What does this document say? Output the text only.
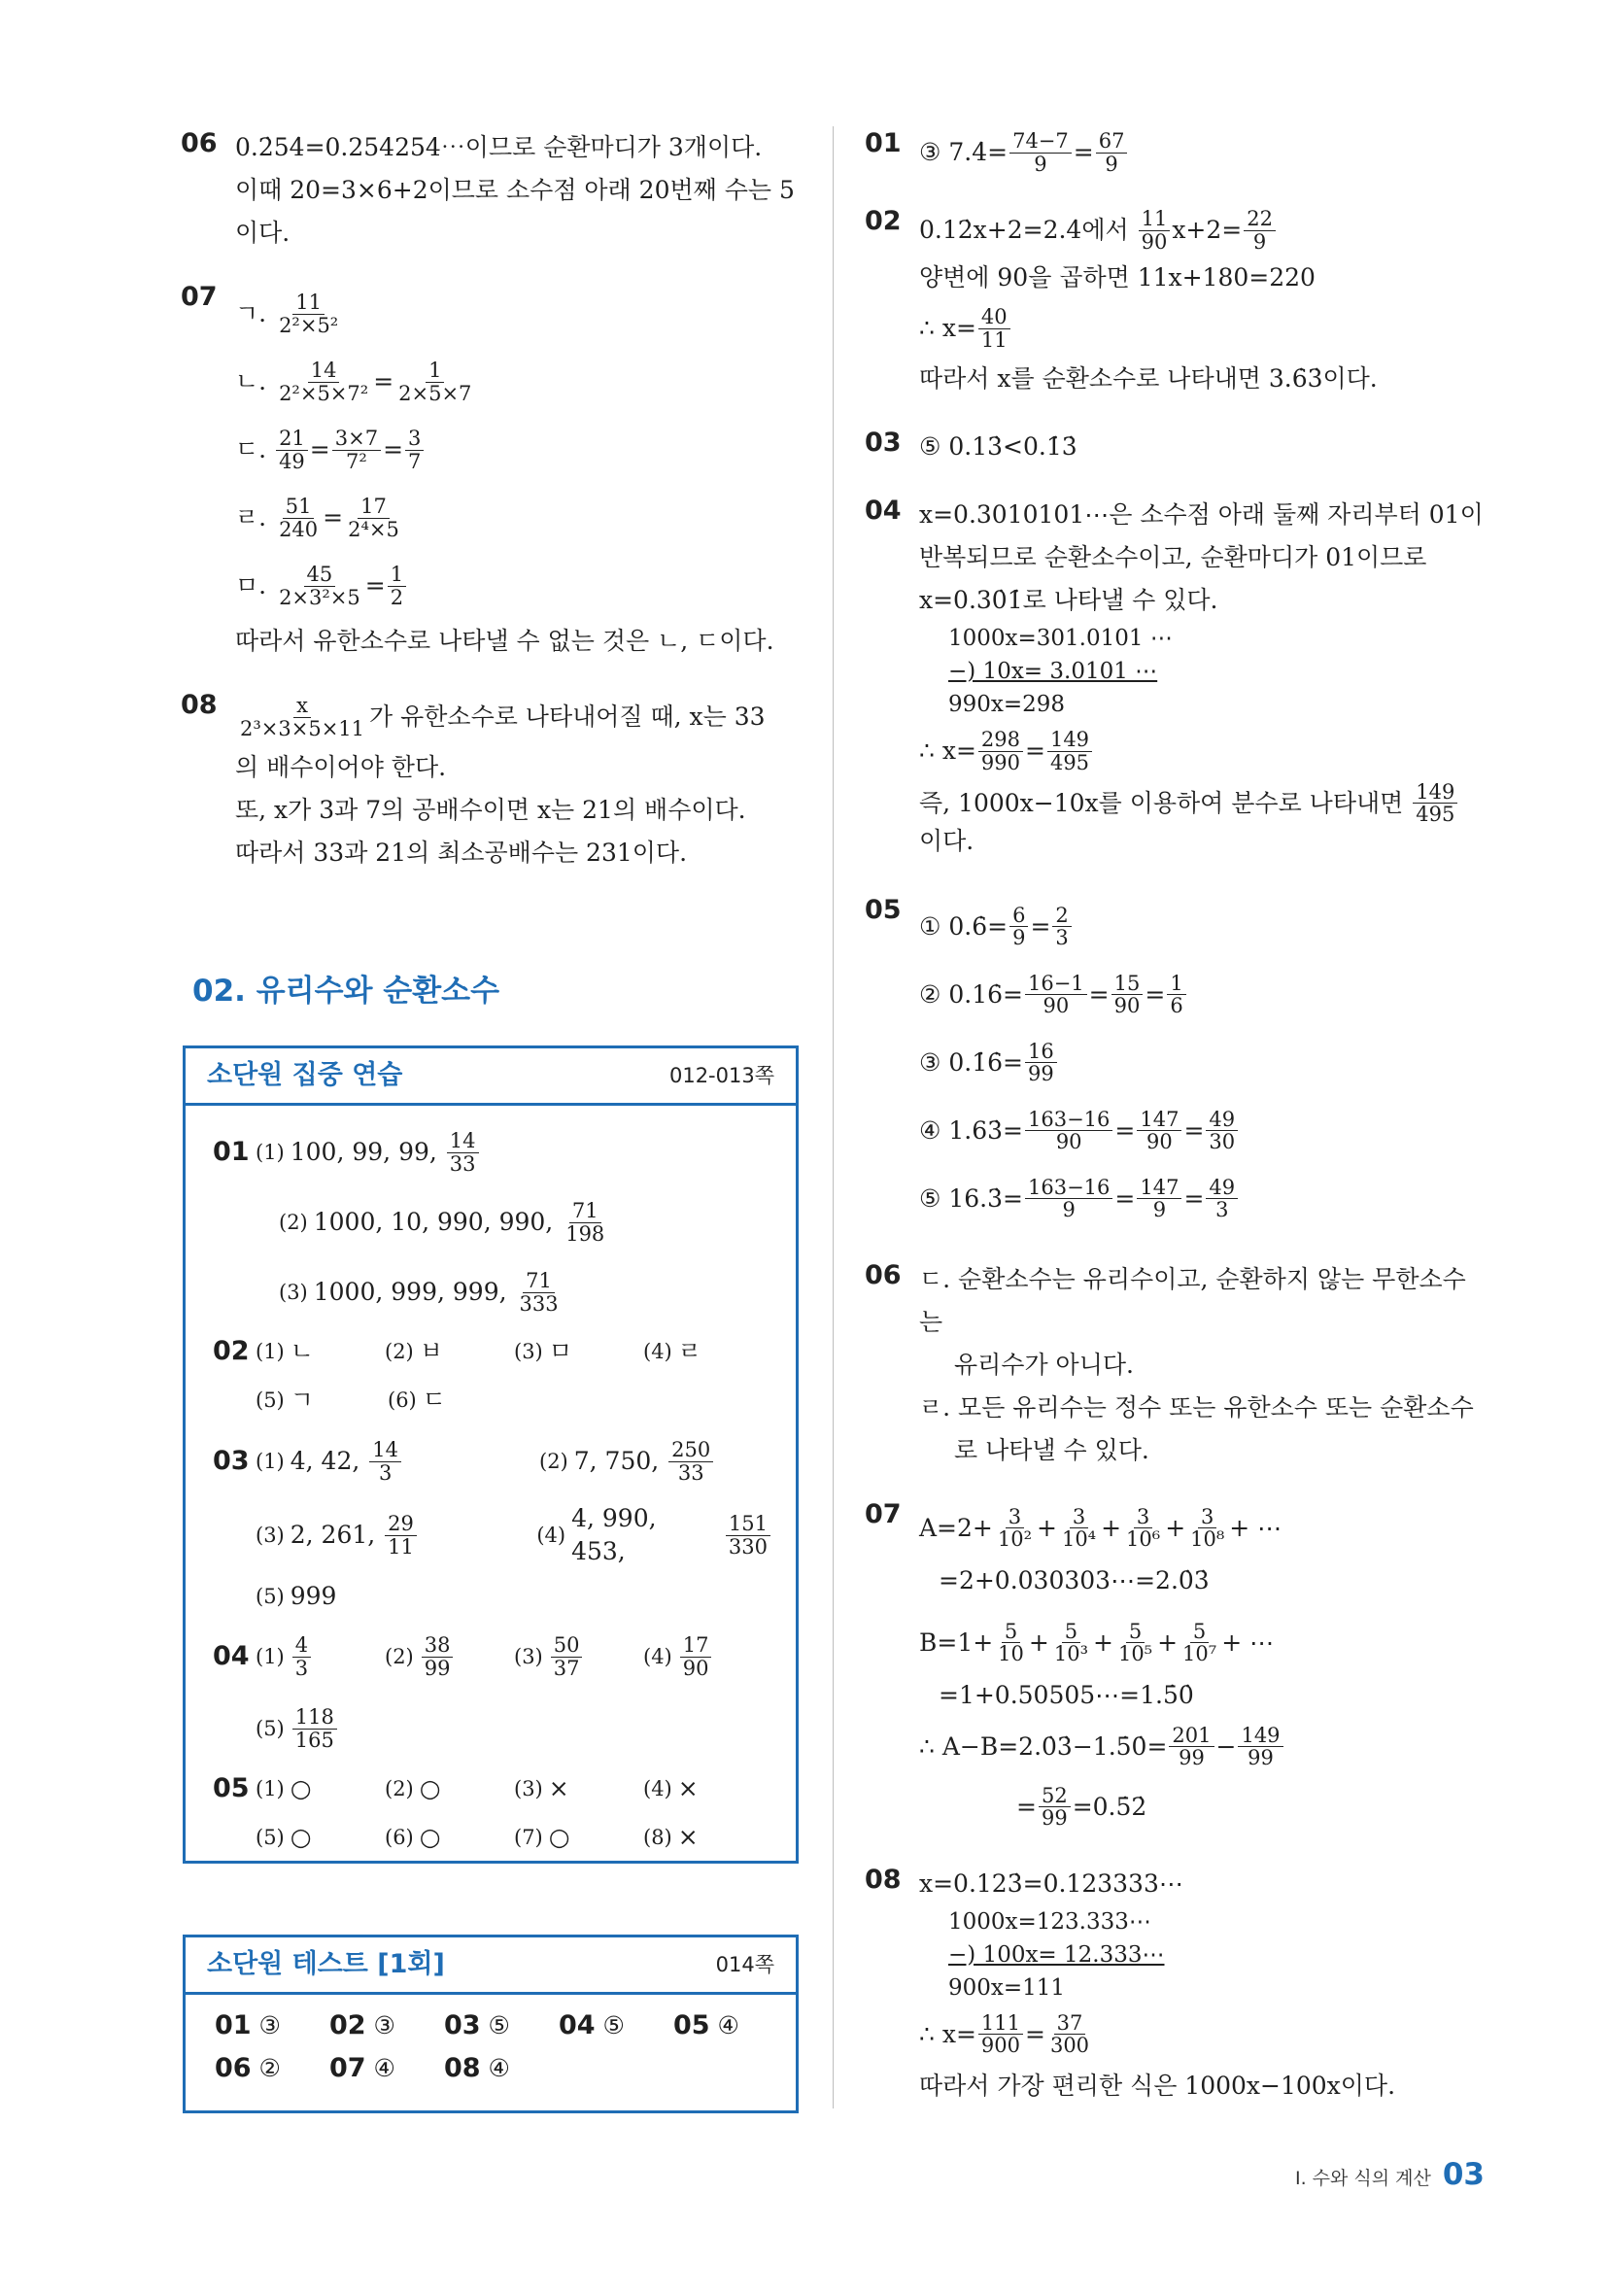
06 0.2̇54̇=0.254254⋯이므로 순환마디가 3개이다.
이때 20=3×6+2이므로 소수점 아래 20번째 수는 5
이다.
07
ㄱ.
$\frac{11}{\text{2²×5²}}$
ㄴ.
$\frac{14}{\text{2²×5×7²}} = \frac{1}{2\times 5\times 7}$
ㄷ.
$\frac{21}{49} = \frac{3\times 7}{\text{7²}} = \frac{3}{7}$
ㄹ.
$\frac{51}{240} = \frac{17}{\text{2⁴×5}}$
ㅁ.
$\frac{45}{\text{2×3²×5}} = \frac{1}{2}$
따라서 유한소수로 나타낼 수 없는 것은 ㄴ, ㄷ이다.
$08 \frac{x}{\text{2³×3×5×11}}$ 가 유한소수로 나타내어질 때, x는 33
의 배수이어야 한다.
또, x가 3과 7의 공배수이면 x는 21의 배수이다.
따라서 33과 21의 최소공배수는 231이다.
02. 유리수와 순환소수
소단원 집중 연습	012-013쪽
01 (1) 100, 99, 99,
$\frac{14}{33}$
(2) 1000, 10, 990, 990,
$\frac{71}{198}$
(3) 1000, 999, 999,
$\frac{71}{333}$
02 (1) ㄴ	(2) ㅂ	(3) ㅁ	(4) ㄹ
(5) ㄱ	(6) ㄷ
03 (1) 4, 42,
$\frac{14}{3}$	(2) 7, 750,
$\frac{250}{33}$
(3) 2, 261,
$\frac{29}{11}$	(4)
4, 990, 453,
	$\frac{151}{330}$
(5) 999
04 $(1) \frac{4}{3}$	$(2) \frac{38}{99}$	$(3) \frac{50}{37}$	$(4) \frac{17}{90}$
$(5) \frac{118}{165}$
05 (1) ○	(2) ○	(3) ×	(4) ×
(5) ○	(6) ○	(7) ○	(8) ×
소단원 테스트 [1회]	014쪽
01 ③	02 ③	03 ⑤	04 ⑤	05 ④
06 ②	07 ④	08 ④
01 ③ 7.4̇= $\frac{74-7}{9} = \frac{67}{9}$
02 0.12̇x+2=2.4̇에서
$\frac{11}{90} x+2= \frac{22}{9}$
양변에 90을 곱하면 11x+180=220
∴ $x= \frac{40}{11}$
따라서 x를 순환소수로 나타내면 3.6̇3̇이다.
03 ⑤ 0.13̇<0.1̇3̇
04 x=0.3010101⋯은 소수점 아래 둘째 자리부터 01이
반복되므로 순환소수이고, 순환마디가 01이므로
x=0.30̇1̇로 나타낼 수 있다.
1000x=301.0101 ⋯
−) 10x= 3.0101 ⋯
990x=298
∴ $x= \frac{298}{990} = \frac{149}{495}$
즉, 1000x−10x를 이용하여 분수로 나타내면
$\frac{149}{495}$
이다.
05
① 0.6̇= $\frac{6}{9} = \frac{2}{3}$
② 0.16̇= $\frac{16-1}{90} = \frac{15}{90} = \frac{1}{6}$
③ 0.1̇6̇= $\frac{16}{99}$
④ 1.63̇= $\frac{163-16}{90} = \frac{147}{90} = \frac{49}{30}$
⑤ 16.3̇= $\frac{163-16}{9} = \frac{147}{9} = \frac{49}{3}$
06 ㄷ. 순환소수는 유리수이고, 순환하지 않는 무한소수는
유리수가 아니다.
ㄹ. 모든 유리수는 정수 또는 유한소수 또는 순환소수
로 나타낼 수 있다.
07 $A=2+ \frac{3}{\text{10²}} + \frac{3}{\text{10⁴}} + \frac{3}{\text{10⁶}} + \frac{3}{\text{10⁸}}$ + ⋯
=2+0.030303⋯=2.0̇3̇
$B=1+ \frac{5}{10} + \frac{5}{\text{10³}} + \frac{5}{\text{10⁵}} + \frac{5}{\text{10⁷}}$ + ⋯
=1+0.50505⋯=1.5̇0̇
∴ A−B=2.0̇3̇−1.5̇0̇= $\frac{201}{99} - \frac{149}{99}$
= $\frac{52}{99}$ =0.5̇2̇
08 x=0.123̇=0.123333⋯
1000x=123.333⋯
−) 100x= 12.333⋯
900x=111
∴ $x= \frac{111}{900} = \frac{37}{300}$
따라서 가장 편리한 식은 1000x−100x이다.
I. 수와 식의 계산 03
